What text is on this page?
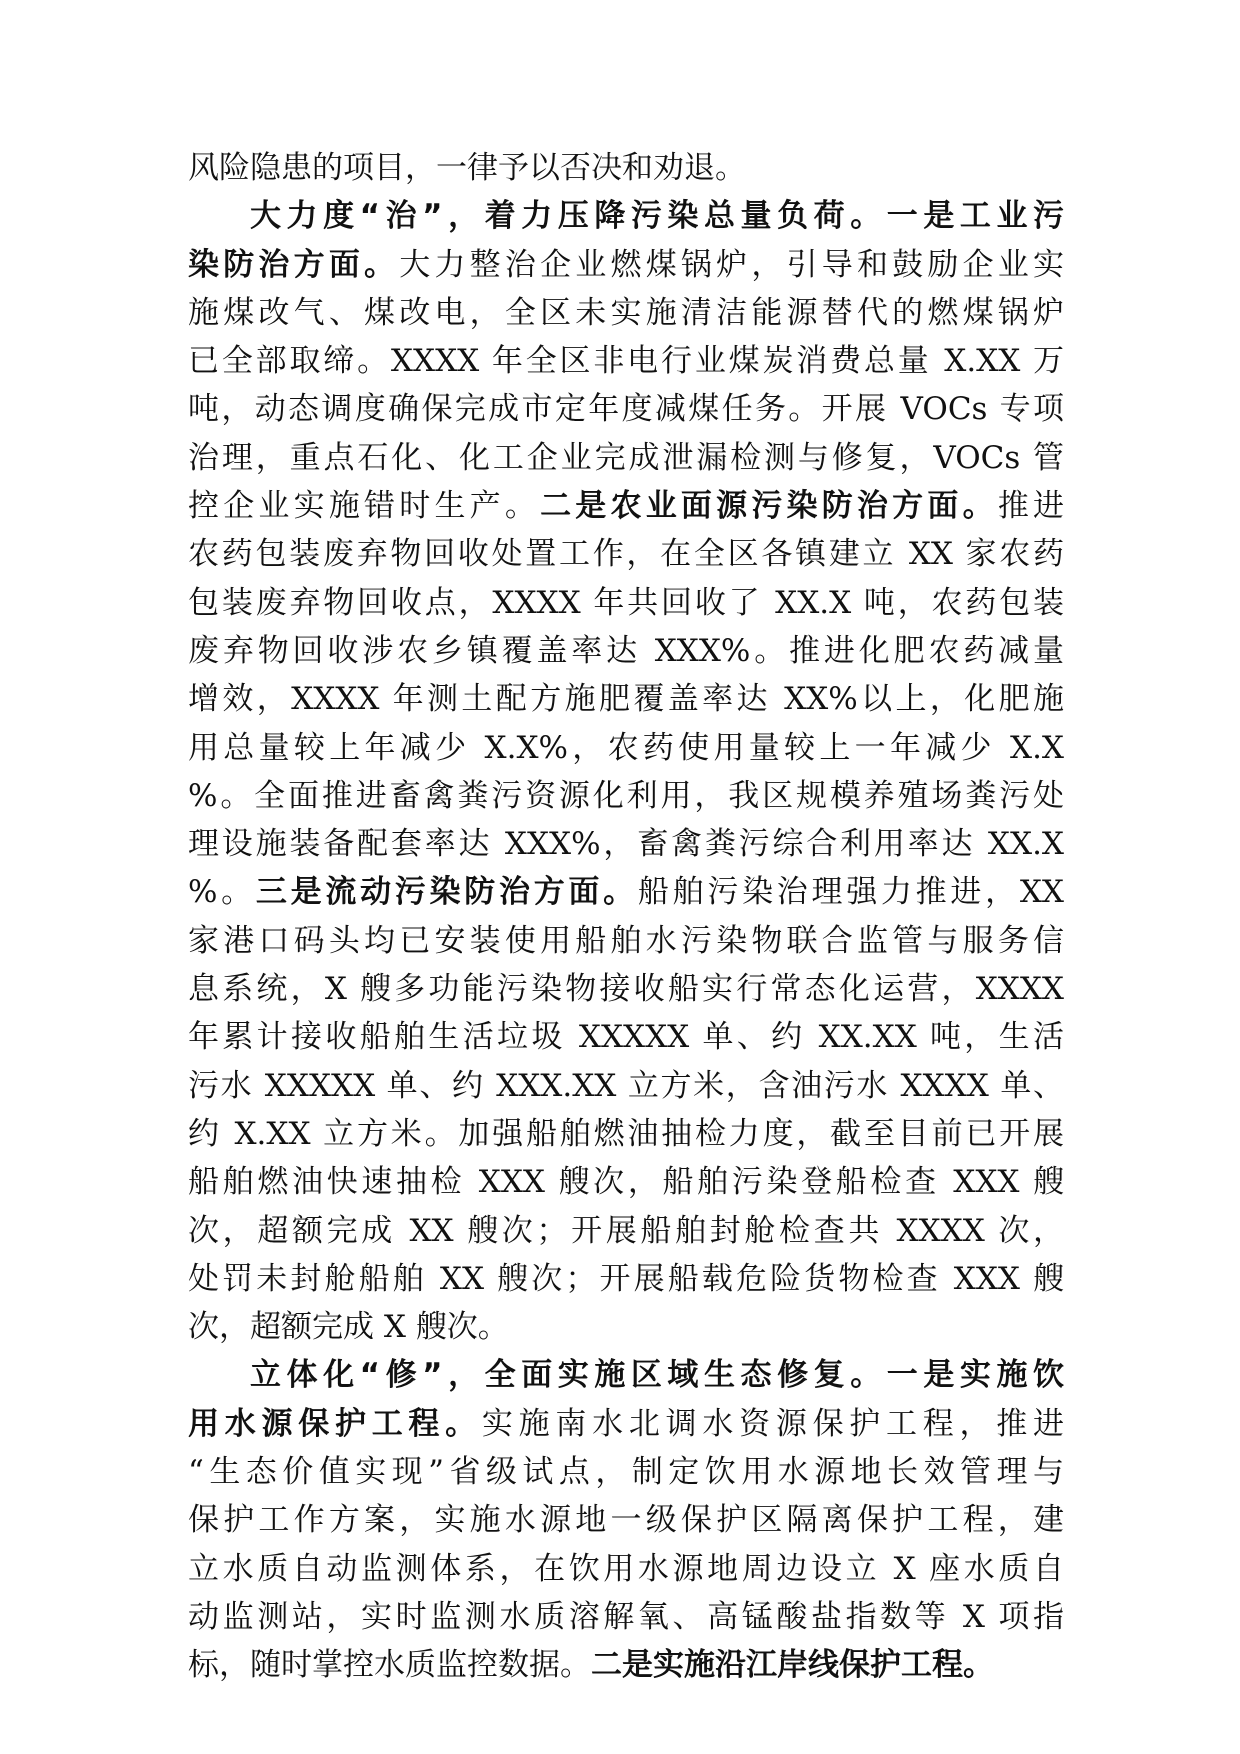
风险隐患的项目，一律予以否决和劝退。
大力度“治”，着力压降污染总量负荷。一是工业污
染防治方面。大力整治企业燃煤锅炉，引导和鼓励企业实
施煤改气、煤改电，全区未实施清洁能源替代的燃煤锅炉
已全部取缔。XXXX 年全区非电行业煤炭消费总量 X.XX 万
吨，动态调度确保完成市定年度减煤任务。开展 VOCs 专项
治理，重点石化、化工企业完成泄漏检测与修复，VOCs 管
控企业实施错时生产。二是农业面源污染防治方面。推进
农药包装废弃物回收处置工作，在全区各镇建立 XX 家农药
包装废弃物回收点，XXXX 年共回收了 XX.X 吨，农药包装
废弃物回收涉农乡镇覆盖率达 XXX%。推进化肥农药减量
增效，XXXX 年测土配方施肥覆盖率达 XX%以上，化肥施
用总量较上年减少 X.X%，农药使用量较上一年减少 X.X
%。全面推进畜禽粪污资源化利用，我区规模养殖场粪污处
理设施装备配套率达 XXX%，畜禽粪污综合利用率达 XX.X
%。三是流动污染防治方面。船舶污染治理强力推进，XX
家港口码头均已安装使用船舶水污染物联合监管与服务信
息系统，X 艘多功能污染物接收船实行常态化运营，XXXX
年累计接收船舶生活垃圾 XXXXX 单、约 XX.XX 吨，生活
污水 XXXXX 单、约 XXX.XX 立方米，含油污水 XXXX 单、
约 X.XX 立方米。加强船舶燃油抽检力度，截至目前已开展
船舶燃油快速抽检 XXX 艘次，船舶污染登船检查 XXX 艘
次，超额完成 XX 艘次；开展船舶封舱检查共 XXXX 次，
处罚未封舱船舶 XX 艘次；开展船载危险货物检查 XXX 艘
次，超额完成 X 艘次。
立体化“修”，全面实施区域生态修复。一是实施饮
用水源保护工程。实施南水北调水资源保护工程，推进
“生态价值实现”省级试点，制定饮用水源地长效管理与
保护工作方案，实施水源地一级保护区隔离保护工程，建
立水质自动监测体系，在饮用水源地周边设立 X 座水质自
动监测站，实时监测水质溶解氧、高锰酸盐指数等 X 项指
标，随时掌控水质监控数据。二是实施沿江岸线保护工程。
